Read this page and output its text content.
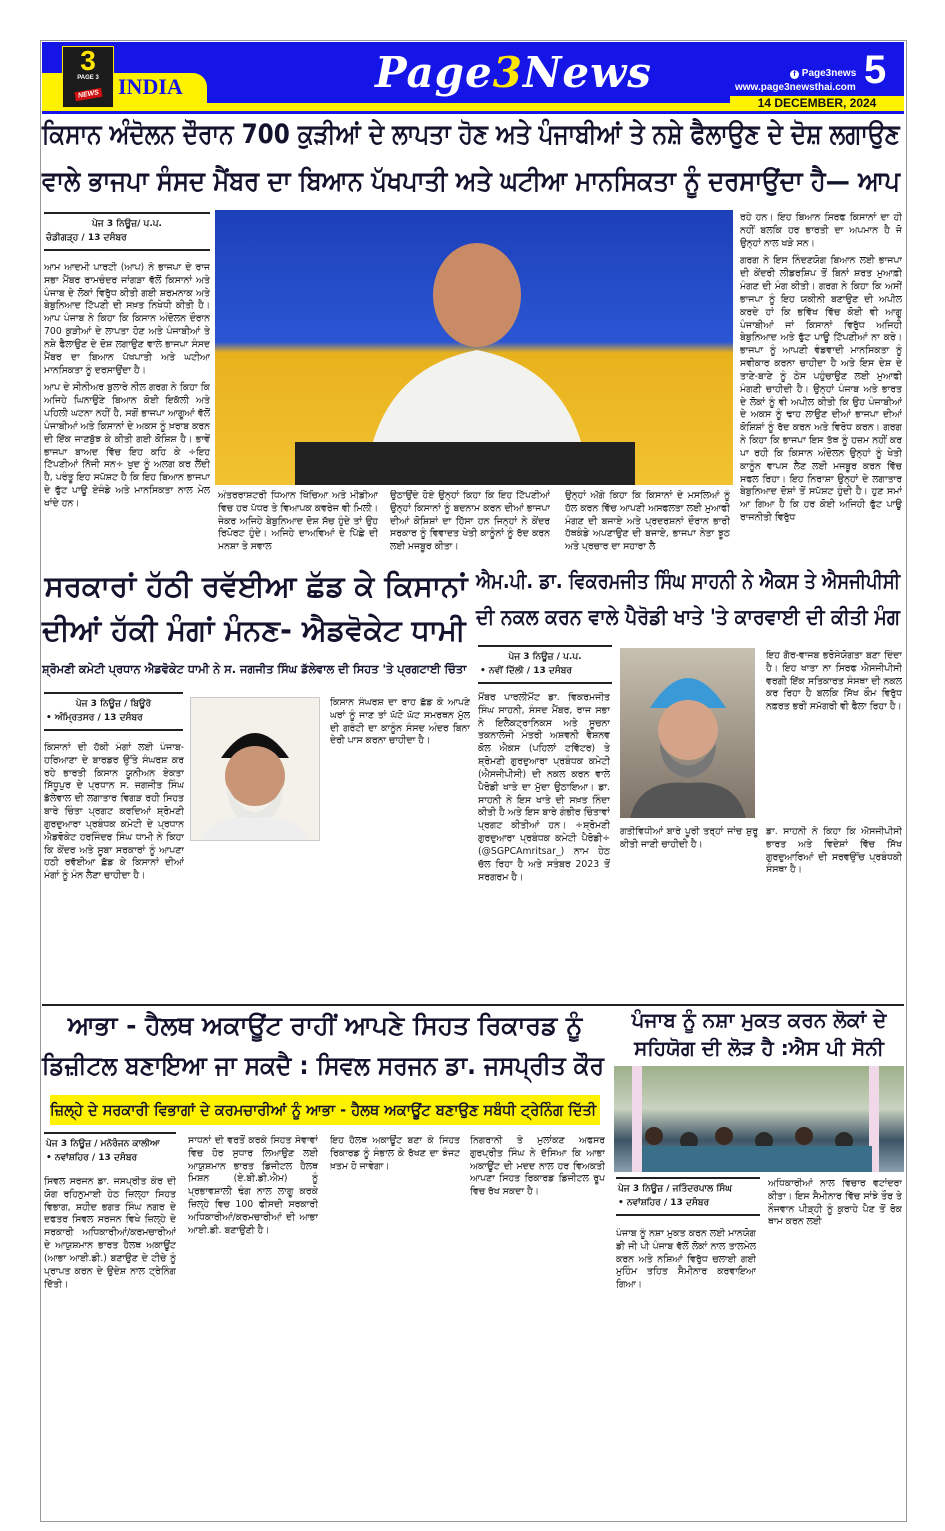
3
PAGE 3
NEWS INDIA	Page3News	f Page3news
www.page3newsthai.com 5
14 DECEMBER, 2024
ਕਿਸਾਨ ਅੰਦੋਲਨ ਦੌਰਾਨ 700 ਕੁੜੀਆਂ ਦੇ ਲਾਪਤਾ ਹੋਣ ਅਤੇ ਪੰਜਾਬੀਆਂ ਤੇ ਨਸ਼ੇ ਫੈਲਾਉਣ ਦੇ ਦੋਸ਼ ਲਗਾਉਣ
ਵਾਲੇ ਭਾਜਪਾ ਸੰਸਦ ਮੈਂਬਰ ਦਾ ਬਿਆਨ ਪੱਖਪਾਤੀ ਅਤੇ ਘਟੀਆ ਮਾਨਸਿਕਤਾ ਨੂੰ ਦਰਸਾਉਂਦਾ ਹੈ— ਆਪ
ਪੇਜ 3 ਨਿਊਜ਼/ ਪ.ਪ.
ਚੰਡੀਗੜ੍ਹ / 13 ਦਸੰਬਰ

ਆਮ ਆਦਮੀ ਪਾਰਟੀ (ਆਪ) ਨੇ ਭਾਜਪਾ ਦੇ ਰਾਜ ਸਭਾ ਮੈਂਬਰ ਰਾਮਚੰਦਰ ਜਾਂਗੜਾ ਵੱਲੋਂ ਕਿਸਾਨਾਂ ਅਤੇ ਪੰਜਾਬ ਦੇ ਲੋਕਾਂ ਵਿਰੁੱਧ ਕੀਤੀ ਗਈ ਸ਼ਰਮਨਾਕ ਅਤੇ ਬੇਬੁਨਿਆਦ ਟਿੱਪਣੀ ਦੀ ਸਖ਼ਤ ਨਿਖੇਧੀ ਕੀਤੀ ਹੈ। ਆਪ ਪੰਜਾਬ ਨੇ ਕਿਹਾ ਕਿ ਕਿਸਾਨ ਅੰਦੋਲਨ ਦੌਰਾਨ 700 ਕੁੜੀਆਂ ਦੇ ਲਾਪਤਾ ਹੋਣ ਅਤੇ ਪੰਜਾਬੀਆਂ ਤੇ ਨਸ਼ੇ ਫੈਲਾਉਣ ਦੇ ਦੋਸ਼ ਲਗਾਉਣ ਵਾਲੇ ਭਾਜਪਾ ਸੰਸਦ ਮੈਂਬਰ ਦਾ ਬਿਆਨ ਪੱਖਪਾਤੀ ਅਤੇ ਘਟੀਆ ਮਾਨਸਿਕਤਾ ਨੂੰ ਦਰਸਾਉਂਦਾ ਹੈ।

ਆਪ ਦੇ ਸੀਨੀਅਰ ਬੁਲਾਰੇ ਨੀਲ ਗਰਗ ਨੇ ਕਿਹਾ ਕਿ ਅਜਿਹੇ ਘਿਨਾਉਣੇ ਬਿਆਨ ਕੋਈ ਇਕੱਲੀ ਅਤੇ ਪਹਿਲੀ ਘਟਨਾ ਨਹੀਂ ਹੈ, ਸਗੋਂ ਭਾਜਪਾ ਆਗੂਆਂ ਵੱਲੋਂ ਪੰਜਾਬੀਆਂ ਅਤੇ ਕਿਸਾਨਾਂ ਦੇ ਅਕਸ ਨੂੰ ਖ਼ਰਾਬ ਕਰਨ ਦੀ ਇੱਕ ਜਾਣਬੁੱਝ ਕੇ ਕੀਤੀ ਗਈ ਕੋਸ਼ਿਸ਼ ਹੈ। ਭਾਵੇਂ ਭਾਜਪਾ ਬਾਅਦ ਵਿੱਚ ਇਹ ਕਹਿ ਕੇ ÷ਇਹ ਟਿੱਪਣੀਆਂ ਨਿੱਜੀ ਸਨ÷ ਖੁਦ ਨੂੰ ਅਲਗ ਕਰ ਲੈਂਦੀ ਹੈ, ਪਰੰਤੂ ਇਹ ਸਪੱਸ਼ਟ ਹੈ ਕਿ ਇਹ ਬਿਆਨ ਭਾਜਪਾ ਦੇ ਫੁੱਟ ਪਾਊ ਏਜੰਡੇ ਅਤੇ ਮਾਨਸਿਕਤਾ ਨਾਲ ਮੇਲ ਖਾਂਦੇ ਹਨ।

ਅੰਤਰਰਾਸ਼ਟਰੀ ਧਿਆਨ ਖਿੱਚਿਆ ਅਤੇ ਮੀਡੀਆ ਵਿਚ ਹਰ ਪੱਧਰ ਤੇ ਵਿਆਪਕ ਕਵਰੇਜ ਵੀ ਮਿਲੀ। ਜੇਕਰ ਅਜਿਹੇ ਬੇਬੁਨਿਆਦ ਦੋਸ਼ ਸੱਚ ਹੁੰਦੇ ਤਾਂ ਉਹ ਰਿਪੋਰਟ ਹੁੰਦੇ। ਅਜਿਹੇ ਦਾਅਵਿਆਂ ਦੇ ਪਿੱਛੇ ਦੀ ਮਨਸ਼ਾ ਤੇ ਸਵਾਲ
ਉਠਾਉਂਦੇ ਹੋਏ ਉਨ੍ਹਾਂ ਕਿਹਾ ਕਿ ਇਹ ਟਿੱਪਣੀਆਂ ਉਨ੍ਹਾਂ ਕਿਸਾਨਾਂ ਨੂੰ ਬਦਨਾਮ ਕਰਨ ਦੀਆਂ ਭਾਜਪਾ ਦੀਆਂ ਕੋਸ਼ਿਸ਼ਾਂ ਦਾ ਹਿੱਸਾ ਹਨ ਜਿਨ੍ਹਾਂ ਨੇ ਕੇਂਦਰ ਸਰਕਾਰ ਨੂੰ ਵਿਵਾਦਤ ਖੇਤੀ ਕਾਨੂੰਨਾਂ ਨੂੰ ਰੱਦ ਕਰਨ ਲਈ ਮਜਬੂਰ ਕੀਤਾ।
ਉਨ੍ਹਾਂ ਅੱਗੇ ਕਿਹਾ ਕਿ ਕਿਸਾਨਾਂ ਦੇ ਮਸਲਿਆਂ ਨੂੰ ਹੱਲ ਕਰਨ ਵਿੱਚ ਆਪਣੀ ਅਸਫਲਤਾ ਲਈ ਮੁਆਫੀ ਮੰਗਣ ਦੀ ਬਜਾਏ ਅਤੇ ਪ੍ਰਦਰਸ਼ਨਾਂ ਦੌਰਾਨ ਭਾਰੀ ਹੱਥਕੰਡੇ ਅਪਣਾਉਣ ਦੀ ਬਜਾਏ, ਭਾਜਪਾ ਨੇਤਾ ਝੂਠ ਅਤੇ ਪ੍ਰਚਾਰ ਦਾ ਸਹਾਰਾ ਲੈ

ਰਹੇ ਹਨ। ਇਹ ਬਿਆਨ ਸਿਰਫ ਕਿਸਾਨਾਂ ਦਾ ਹੀ ਨਹੀਂ ਬਲਕਿ ਹਰ ਭਾਰਤੀ ਦਾ ਅਪਮਾਨ ਹੈ ਜੋ ਉਨ੍ਹਾਂ ਨਾਲ ਖੜੇ ਸਨ।

ਗਰਗ ਨੇ ਇਸ ਨਿੰਦਣਯੋਗ ਬਿਆਨ ਲਈ ਭਾਜਪਾ ਦੀ ਕੇਂਦਰੀ ਲੀਡਰਸ਼ਿਪ ਤੋਂ ਬਿਨਾਂ ਸ਼ਰਤ ਮੁਆਫ਼ੀ ਮੰਗਣ ਦੀ ਮੰਗ ਕੀਤੀ। ਗਰਗ ਨੇ ਕਿਹਾ ਕਿ ਅਸੀਂ ਭਾਜਪਾ ਨੂੰ ਇਹ ਯਕੀਨੀ ਬਣਾਉਣ ਦੀ ਅਪੀਲ ਕਰਦੇ ਹਾਂ ਕਿ ਭਵਿੱਖ ਵਿੱਚ ਕੋਈ ਵੀ ਆਗੂ ਪੰਜਾਬੀਆਂ ਜਾਂ ਕਿਸਾਨਾਂ ਵਿਰੁੱਧ ਅਜਿਹੀ ਬੇਬੁਨਿਆਦ ਅਤੇ ਫੁੱਟ ਪਾਊ ਟਿੱਪਣੀਆਂ ਨਾ ਕਰੇ। ਭਾਜਪਾ ਨੂੰ ਆਪਣੀ ਵੰਡਵਾਦੀ ਮਾਨਸਿਕਤਾ ਨੂੰ ਸਵੀਕਾਰ ਕਰਨਾ ਚਾਹੀਦਾ ਹੈ ਅਤੇ ਇਸ ਦੇਸ਼ ਦੇ ਤਾਣੇ-ਬਾਣੇ ਨੂੰ ਠੇਸ ਪਹੁੰਚਾਉਣ ਲਈ ਮੁਆਫੀ ਮੰਗਣੀ ਚਾਹੀਦੀ ਹੈ। ਉਨ੍ਹਾਂ ਪੰਜਾਬ ਅਤੇ ਭਾਰਤ ਦੇ ਲੋਕਾਂ ਨੂੰ ਵੀ ਅਪੀਲ ਕੀਤੀ ਕਿ ਉਹ ਪੰਜਾਬੀਆਂ ਦੇ ਅਕਸ ਨੂੰ ਢਾਹ ਲਾਉਣ ਦੀਆਂ ਭਾਜਪਾ ਦੀਆਂ ਕੋਸ਼ਿਸ਼ਾਂ ਨੂੰ ਰੱਦ ਕਰਨ ਅਤੇ ਵਿਰੋਧ ਕਰਨ। ਗਰਗ ਨੇ ਕਿਹਾ ਕਿ ਭਾਜਪਾ ਇਸ ਤੱਥ ਨੂੰ ਹਜ਼ਮ ਨਹੀਂ ਕਰ ਪਾ ਰਹੀ ਕਿ ਕਿਸਾਨ ਅੰਦੋਲਨ ਉਨ੍ਹਾਂ ਨੂੰ ਖੇਤੀ ਕਾਨੂੰਨ ਵਾਪਸ ਲੈਣ ਲਈ ਮਜਬੂਰ ਕਰਨ ਵਿੱਚ ਸਫਲ ਰਿਹਾ। ਇਹ ਨਿਰਾਸ਼ਾ ਉਨ੍ਹਾਂ ਦੇ ਲਗਾਤਾਰ ਬੇਬੁਨਿਆਦ ਦੋਸ਼ਾਂ ਤੋਂ ਸਪੱਸ਼ਟ ਹੁੰਦੀ ਹੈ। ਹੁਣ ਸਮਾਂ ਆ ਗਿਆ ਹੈ ਕਿ ਹਰ ਕੋਈ ਅਜਿਹੀ ਫੁੱਟ ਪਾਊ ਰਾਜਨੀਤੀ ਵਿਰੁੱਧ

ਸਰਕਾਰਾਂ ਹੱਠੀ ਰਵੱਈਆ ਛੱਡ ਕੇ ਕਿਸਾਨਾਂ
ਦੀਆਂ ਹੱਕੀ ਮੰਗਾਂ ਮੰਨਣ- ਐਡਵੋਕੇਟ ਧਾਮੀ
ਸ਼੍ਰੋਮਣੀ ਕਮੇਟੀ ਪ੍ਰਧਾਨ ਐਡਵੋਕੇਟ ਧਾਮੀ ਨੇ ਸ. ਜਗਜੀਤ ਸਿੰਘ ਡੱਲੇਵਾਲ ਦੀ ਸਿਹਤ 'ਤੇ ਪ੍ਰਗਟਾਈ ਚਿੰਤਾ
ਪੇਜ 3 ਨਿਊਜ਼ / ਬਿਊਰੋ
• ਅੰਮ੍ਰਿਤਸਰ / 13 ਦਸੰਬਰ
ਕਿਸਾਨਾਂ ਦੀ ਹੱਕੀ ਮੰਗਾਂ ਲਈ ਪੰਜਾਬ-ਹਰਿਆਣਾ ਦੇ ਬਾਰਡਰ ਉੱਤੇ ਸੰਘਰਸ਼ ਕਰ ਰਹੇ ਭਾਰਤੀ ਕਿਸਾਨ ਯੂਨੀਅਨ ਏਕਤਾ ਸਿੱਧੂਪੁਰ ਦੇ ਪ੍ਰਧਾਨ ਸ. ਜਗਜੀਤ ਸਿੰਘ ਡੱਲੇਵਾਲ ਦੀ ਲਗਾਤਾਰ ਵਿਗੜ ਰਹੀ ਸਿਹਤ ਬਾਰੇ ਚਿੰਤਾ ਪ੍ਰਗਟ ਕਰਦਿਆਂ ਸ਼੍ਰੋਮਣੀ ਗੁਰਦੁਆਰਾ ਪ੍ਰਬੰਧਕ ਕਮੇਟੀ ਦੇ ਪ੍ਰਧਾਨ ਐਡਵੋਕੇਟ ਹਰਜਿੰਦਰ ਸਿੰਘ ਧਾਮੀ ਨੇ ਕਿਹਾ ਕਿ ਕੇਂਦਰ ਅਤੇ ਸੂਬਾ ਸਰਕਾਰਾਂ ਨੂੰ ਆਪਣਾ ਹਠੀ ਰਵੱਈਆ ਛੱਡ ਕੇ ਕਿਸਾਨਾਂ ਦੀਆਂ ਮੰਗਾਂ ਨੂੰ ਮੰਨ ਲੈਣਾ ਚਾਹੀਦਾ ਹੈ।
ਕਿਸਾਨ ਸੰਘਰਸ਼ ਦਾ ਰਾਹ ਛੱਡ ਕੇ ਆਪਣੇ ਘਰਾਂ ਨੂੰ ਜਾਣ ਤਾਂ ਘੱਟੋ ਘੱਟ ਸਮਰਥਨ ਮੁੱਲ ਦੀ ਗਰੰਟੀ ਦਾ ਕਾਨੂੰਨ ਸੰਸਦ ਅੰਦਰ ਬਿਨਾ ਦੇਰੀ ਪਾਸ ਕਰਨਾ ਚਾਹੀਦਾ ਹੈ।
ਐਮ.ਪੀ. ਡਾ. ਵਿਕਰਮਜੀਤ ਸਿੰਘ ਸਾਹਨੀ ਨੇ ਐਕਸ ਤੇ ਐਸਜੀਪੀਸੀ
ਦੀ ਨਕਲ ਕਰਨ ਵਾਲੇ ਪੈਰੋਡੀ ਖਾਤੇ 'ਤੇ ਕਾਰਵਾਈ ਦੀ ਕੀਤੀ ਮੰਗ
ਪੇਜ 3 ਨਿਊਜ਼ / ਪ.ਪ.
• ਨਵੀਂ ਦਿੱਲੀ / 13 ਦਸੰਬਰ
ਮੈਂਬਰ ਪਾਰਲੀਮੈਂਟ ਡਾ. ਵਿਕਰਮਜੀਤ ਸਿੰਘ ਸਾਹਨੀ, ਸੰਸਦ ਮੈਂਬਰ, ਰਾਜ ਸਭਾ ਨੇ ਇਲੈਕਟ੍ਰਾਨਿਕਸ ਅਤੇ ਸੂਚਨਾ ਤਕਨਾਲੋਜੀ ਮੰਤਰੀ ਅਸ਼ਵਨੀ ਵੈਸ਼ਨਵ ਕੋਲ ਐਕਸ (ਪਹਿਲਾਂ ਟਵਿੱਟਰ) ਤੇ ਸ਼੍ਰੋਮਣੀ ਗੁਰਦੁਆਰਾ ਪ੍ਰਬੰਧਕ ਕਮੇਟੀ (ਐਸਜੀਪੀਸੀ) ਦੀ ਨਕਲ ਕਰਨ ਵਾਲੇ ਪੈਰੋਡੀ ਖਾਤੇ ਦਾ ਮੁੱਦਾ ਉਠਾਇਆ। ਡਾ. ਸਾਹਨੀ ਨੇ ਇਸ ਖਾਤੇ ਦੀ ਸਖ਼ਤ ਨਿੰਦਾ ਕੀਤੀ ਹੈ ਅਤੇ ਇਸ ਬਾਰੇ ਗੰਭੀਰ ਚਿੰਤਾਵਾਂ ਪ੍ਰਗਟ ਕੀਤੀਆਂ ਹਨ। ÷ਸ਼੍ਰੋਮਣੀ ਗੁਰਦੁਆਰਾ ਪ੍ਰਬੰਧਕ ਕਮੇਟੀ ਪੈਰੋਡੀ÷ (@SGPCAmritsar_) ਨਾਮ ਹੇਠ ਚੱਲ ਰਿਹਾ ਹੈ ਅਤੇ ਸਤੰਬਰ 2023 ਤੋਂ ਸਰਗਰਮ ਹੈ।
ਇਹ ਗੈਰ-ਵਾਜਬ ਭਰੋਸੇਯੋਗਤਾ ਬਣਾ ਦਿੰਦਾ ਹੈ। ਇਹ ਖਾਤਾ ਨਾ ਸਿਰਫ ਐਸਜੀਪੀਸੀ ਵਰਗੀ ਇੱਕ ਸਤਿਕਾਰਤ ਸੰਸਥਾ ਦੀ ਨਕਲ ਕਰ ਰਿਹਾ ਹੈ ਬਲਕਿ ਸਿੱਖ ਕੌਮ ਵਿਰੁੱਧ ਨਫ਼ਰਤ ਭਰੀ ਸਮੱਗਰੀ ਵੀ ਫੈਲਾ ਰਿਹਾ ਹੈ।
ਗਤੀਵਿਧੀਆਂ ਬਾਰੇ ਪੂਰੀ ਤਰ੍ਹਾਂ ਜਾਂਚ ਸ਼ੁਰੂ ਕੀਤੀ ਜਾਣੀ ਚਾਹੀਦੀ ਹੈ।
ਡਾ. ਸਾਹਨੀ ਨੇ ਕਿਹਾ ਕਿ ਐਸਜੀਪੀਸੀ ਭਾਰਤ ਅਤੇ ਵਿਦੇਸ਼ਾਂ ਵਿੱਚ ਸਿੱਖ ਗੁਰਦੁਆਰਿਆਂ ਦੀ ਸਰਵਉੱਚ ਪ੍ਰਬੰਧਕੀ ਸੰਸਥਾ ਹੈ।
ਆਭਾ - ਹੈਲਥ ਅਕਾਊਂਟ ਰਾਹੀਂ ਆਪਣੇ ਸਿਹਤ ਰਿਕਾਰਡ ਨੂੰ
ਡਿਜ਼ੀਟਲ ਬਣਾਇਆ ਜਾ ਸਕਦੈ : ਸਿਵਲ ਸਰਜਨ ਡਾ. ਜਸਪ੍ਰੀਤ ਕੌਰ
ਜ਼ਿਲ੍ਹੇ ਦੇ ਸਰਕਾਰੀ ਵਿਭਾਗਾਂ ਦੇ ਕਰਮਚਾਰੀਆਂ ਨੂੰ ਆਭਾ - ਹੈਲਥ ਅਕਾਊਂਟ ਬਣਾਉਣ ਸਬੰਧੀ ਟ੍ਰੇਨਿੰਗ ਦਿੱਤੀ
ਪੇਜ 3 ਨਿਊਜ਼ / ਮਨੋਰੰਜਨ ਕਾਲੀਆ
• ਨਵਾਂਸ਼ਹਿਰ / 13 ਦਸੰਬਰ
ਸਿਵਲ ਸਰਜਨ ਡਾ. ਜਸਪ੍ਰੀਤ ਕੌਰ ਦੀ ਯੋਗ ਰਹਿਨੁਮਾਈ ਹੇਠ ਜ਼ਿਲ੍ਹਾ ਸਿਹਤ ਵਿਭਾਗ, ਸ਼ਹੀਦ ਭਗਤ ਸਿੰਘ ਨਗਰ ਦੇ ਦਫਤਰ ਸਿਵਲ ਸਰਜਨ ਵਿਖੇ ਜ਼ਿਲ੍ਹੇ ਦੇ ਸਰਕਾਰੀ ਅਧਿਕਾਰੀਆਂ/ਕਰਮਚਾਰੀਆਂ ਦੇ ਆਯੁਸ਼ਮਾਨ ਭਾਰਤ ਹੈਲਥ ਅਕਾਊਂਟ (ਆਭਾ ਆਈ.ਡੀ.) ਬਣਾਉਣ ਦੇ ਟੀਚੇ ਨੂੰ ਪ੍ਰਾਪਤ ਕਰਨ ਦੇ ਉਦੇਸ਼ ਨਾਲ ਟ੍ਰੇਨਿੰਗ ਦਿੱਤੀ।
ਸਾਧਨਾਂ ਦੀ ਵਰਤੋਂ ਕਰਕੇ ਸਿਹਤ ਸੇਵਾਵਾਂ ਵਿਚ ਹੋਰ ਸੁਧਾਰ ਲਿਆਉਣ ਲਈ ਆਯੁਸ਼ਮਾਨ ਭਾਰਤ ਡਿਜੀਟਲ ਹੈਲਥ ਮਿਸ਼ਨ (ਏ.ਬੀ.ਡੀ.ਐਮ) ਨੂੰ ਪ੍ਰਭਾਵਸ਼ਾਲੀ ਢੰਗ ਨਾਲ ਲਾਗੂ ਕਰਕੇ ਜ਼ਿਲ੍ਹੇ ਵਿਚ 100 ਫੀਸਦੀ ਸਰਕਾਰੀ ਅਧਿਕਾਰੀਆਂ/ਕਰਮਚਾਰੀਆਂ ਦੀ ਆਭਾ ਆਈ.ਡੀ. ਬਣਾਉਣੀ ਹੈ।
ਇਹ ਹੈਲਥ ਅਕਾਊਂਟ ਬਣਾ ਕੇ ਸਿਹਤ ਰਿਕਾਰਡ ਨੂੰ ਸੰਭਾਲ ਕੇ ਰੱਖਣ ਦਾ ਝੰਜਟ ਖ਼ਤਮ ਹੋ ਜਾਵੇਗਾ।
ਨਿਗਰਾਨੀ ਤੇ ਮੁਲਾਂਕਣ ਅਫਸਰ ਗੁਰਪ੍ਰੀਤ ਸਿੰਘ ਨੇ ਦੱਸਿਆ ਕਿ ਆਭਾ ਅਕਾਊਂਟ ਦੀ ਮਦਦ ਨਾਲ ਹਰ ਵਿਅਕਤੀ ਆਪਣਾ ਸਿਹਤ ਰਿਕਾਰਡ ਡਿਜੀਟਲ ਰੂਪ ਵਿਚ ਰੱਖ ਸਕਦਾ ਹੈ।
ਪੰਜਾਬ ਨੂੰ ਨਸ਼ਾ ਮੁਕਤ ਕਰਨ ਲੋਕਾਂ ਦੇ
ਸਹਿਯੋਗ ਦੀ ਲੋੜ ਹੈ :ਐਸ ਪੀ ਸੋਨੀ
ਪੇਜ 3 ਨਿਊਜ਼ / ਜਤਿੰਦਰਪਾਲ ਸਿੰਘ
• ਨਵਾਂਸ਼ਹਿਰ / 13 ਦਸੰਬਰ
ਪੰਜਾਬ ਨੂੰ ਨਸ਼ਾ ਮੁਕਤ ਕਰਨ ਲਈ ਮਾਨਯੋਗ ਡੀ ਜੀ ਪੀ ਪੰਜਾਬ ਵੱਲੋਂ ਲੋਕਾਂ ਨਾਲ ਤਾਲਮੇਲ ਕਰਨ ਅਤੇ ਨਸ਼ਿਆਂ ਵਿਰੁੱਧ ਚਲਾਈ ਗਈ ਮੁਹਿੰਮ ਤਹਿਤ ਸੈਮੀਨਾਰ ਕਰਵਾਇਆ ਗਿਆ।
ਅਧਿਕਾਰੀਆਂ ਨਾਲ ਵਿਚਾਰ ਵਟਾਂਦਰਾ ਕੀਤਾ। ਇਸ ਸੈਮੀਨਾਰ ਵਿੱਚ ਸਾਂਝੇ ਤੌਰ ਤੇ ਨੌਜਵਾਨ ਪੀੜ੍ਹੀ ਨੂੰ ਕੁਰਾਹੇ ਪੈਣ ਤੋਂ ਰੋਕ ਥਾਮ ਕਰਨ ਲਈ
